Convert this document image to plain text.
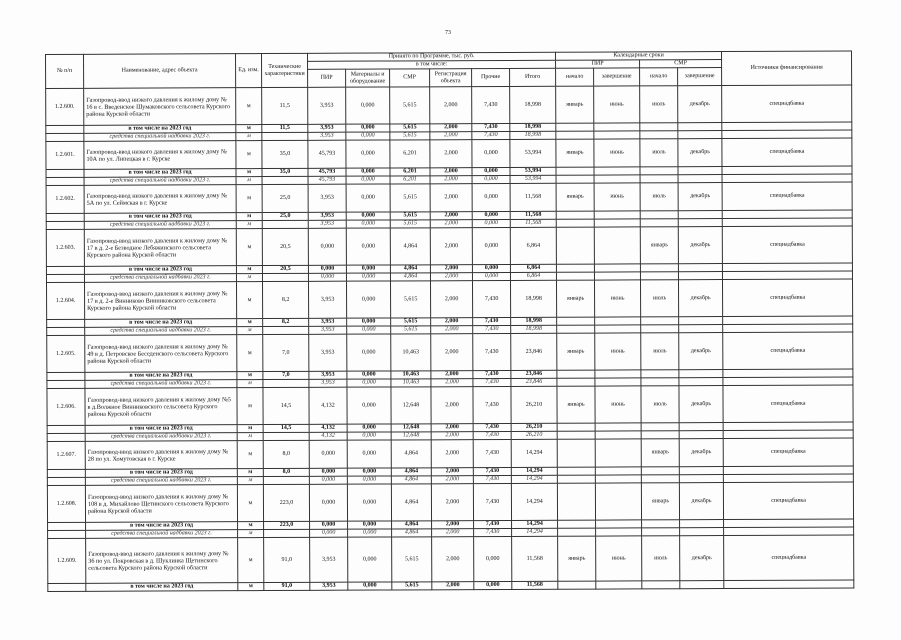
73
№ п/п	Наименование, адрес объекта	Ед. изм.	Технические характеристики	Принято по Программе, тыс. руб.						Календарные сроки				Источники финансирования
				в том числе:						ПИР		СМР		
				ПИР	Материалы и оборудование	СМР	Регистрация объекта	Прочие	Итого	начало	завершение	начало	завершение	
1.2.600.	Газопровод-ввод низкого давления к жилому дому № 16 в с. Введенское Шумаковского сельсовета Курского района Курской области	м	11,5	3,953	0,000	5,615	2,000	7,430	18,998	январь	июнь	июль	декабрь	спецнадбавка
	в том числе на 2023 год	м	11,5	3,953	0,000	5,615	2,000	7,430	18,998					
	средства специальной надбавки 2023 г.	м		3,953	0,000	5,615	2,000	7,430	18,998					
1.2.601.	Газопровод-ввод низкого давления к жилому дому № 10А по ул. Липецкая в г. Курске	м	35,0	45,793	0,000	6,201	2,000	0,000	53,994	январь	июнь	июль	декабрь	спецнадбавка
	в том числе на 2023 год	м	35,0	45,793	0,000	6,201	2,000	0,000	53,994					
	средства специальной надбавки 2023 г.	м		45,793	0,000	6,201	2,000	0,000	53,994					
1.2.602.	Газопровод-ввод низкого давления к жилому дому № 5А по ул. Сеймская в г. Курске	м	25,0	3,953	0,000	5,615	2,000	0,000	11,568	январь	июнь	июль	декабрь	спецнадбавка
	в том числе на 2023 год	м	25,0	3,953	0,000	5,615	2,000	0,000	11,568					
	средства специальной надбавки 2023 г.	м		3,953	0,000	5,615	2,000	0,000	11,568					
1.2.603.	Газопровод-ввод низкого давления к жилому дому № 17 в д. 2-е Безводное Лебяжинского сельсовета Курского района Курской области	м	20,5	0,000	0,000	4,864	2,000	0,000	6,864			январь	декабрь	спецнадбавка
	в том числе на 2023 год	м	20,5	0,000	0,000	4,864	2,000	0,000	6,864					
	средства специальной надбавки 2023 г.	м		0,000	0,000	4,864	2,000	0,000	6,864					
1.2.604.	Газопровод-ввод низкого давления к жилому дому № 17 в д. 2-е Винниково Винниковского сельсовета Курского района Курской области	м	8,2	3,953	0,000	5,615	2,000	7,430	18,998	январь	июнь	июль	декабрь	спецнадбавка
	в том числе на 2023 год	м	8,2	3,953	0,000	5,615	2,000	7,430	18,998					
	средства специальной надбавки 2023 г.	м		3,953	0,000	5,615	2,000	7,430	18,998					
1.2.605.	Газопровод-ввод низкого давления к жилому дому № 49 в д. Петровское Беседенского сельсовета Курского района Курской области	м	7,0	3,953	0,000	10,463	2,000	7,430	23,846	январь	июнь	июль	декабрь	спецнадбавка
	в том числе на 2023 год	м	7,0	3,953	0,000	10,463	2,000	7,430	23,846					
	средства специальной надбавки 2023 г.	м		3,953	0,000	10,463	2,000	7,430	23,846					
1.2.606.	Газопровод-ввод низкого давления к жилому дому №5 в д.Волжное Винниковского сельсовета Курского района Курской области	м	14,5	4,132	0,000	12,648	2,000	7,430	26,210	январь	июнь	июль	декабрь	спецнадбавка
	в том числе на 2023 год	м	14,5	4,132	0,000	12,648	2,000	7,430	26,210					
	средства специальной надбавки 2023 г.	м		4,132	0,000	12,648	2,000	7,430	26,210					
1.2.607.	Газопровод-ввод низкого давления к жилому дому № 28 по ул. Хомутовская в г. Курске	м	8,0	0,000	0,000	4,864	2,000	7,430	14,294			январь	декабрь	спецнадбавка
	в том числе на 2023 год	м	8,0	0,000	0,000	4,864	2,000	7,430	14,294					
	средства специальной надбавки 2023 г.	м		0,000	0,000	4,864	2,000	7,430	14,294					
1.2.608.	Газопровод-ввод низкого давления к жилому дому № 108 в д. Михайлово Щетинского сельсовета Курского района Курской области	м	223,0	0,000	0,000	4,864	2,000	7,430	14,294			январь	декабрь	спецнадбавка
	в том числе на 2023 год	м	223,0	0,000	0,000	4,864	2,000	7,430	14,294					
	средства специальной надбавки 2023 г.	м		0,000	0,000	4,864	2,000	7,430	14,294					
1.2.609.	Газопровод-ввод низкого давления к жилому дому № 36 по ул. Покровская в д. Шуклинка Щетинского сельсовета Курского района Курской области	м	91,0	3,953	0,000	5,615	2,000	0,000	11,568	январь	июнь	июль	декабрь	спецнадбавка
	в том числе на 2023 год	м	91,0	3,953	0,000	5,615	2,000	0,000	11,568					
